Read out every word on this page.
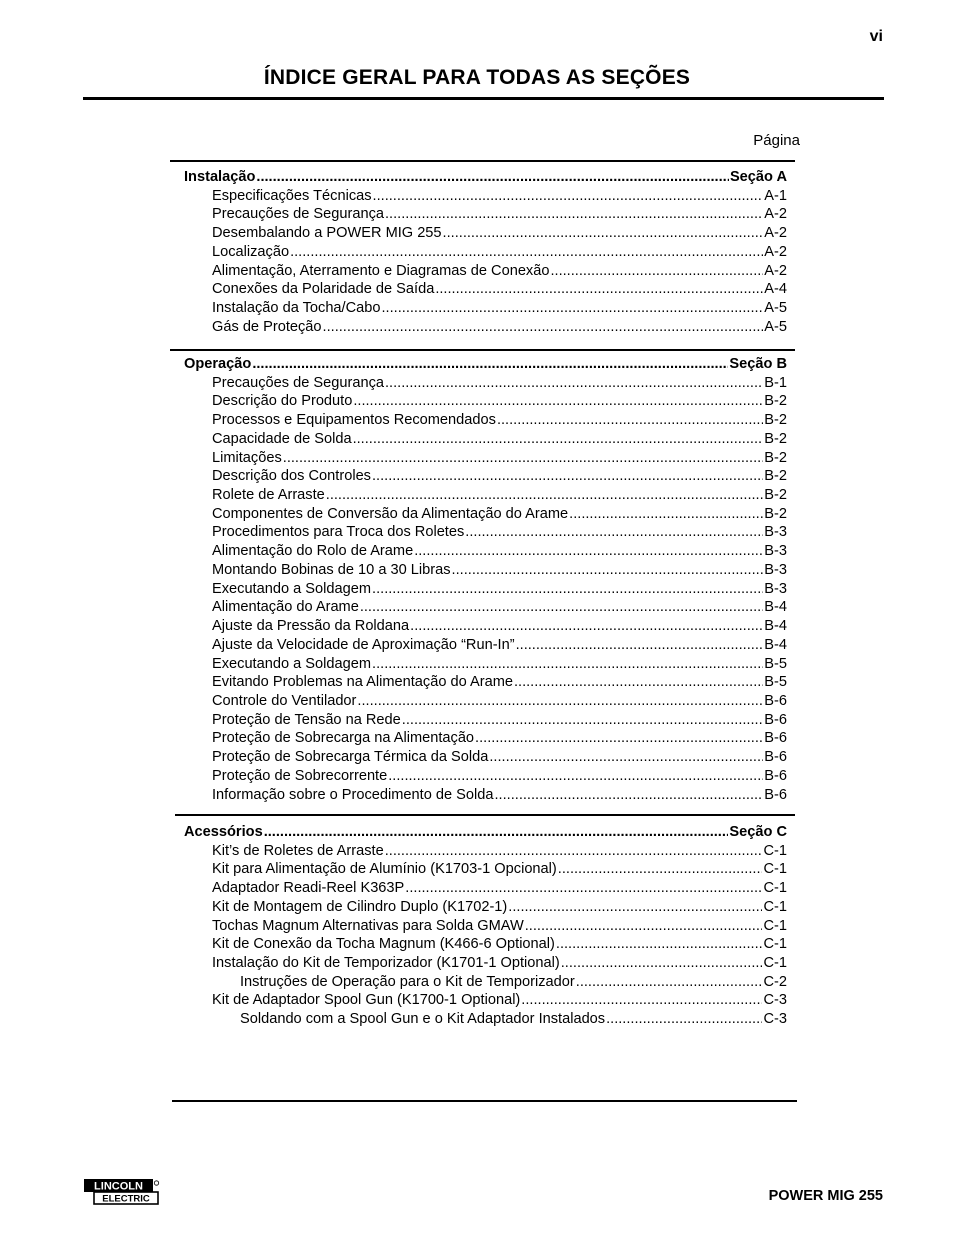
vi
ÍNDICE GERAL PARA TODAS AS SEÇÕES
Página
Instalação .....	Seção A
Especificações Técnicas .....	A-1
Precauções de Segurança .....	A-2
Desembalando a POWER MIG 255 .....	A-2
Localização .....	A-2
Alimentação, Aterramento e Diagramas de Conexão .....	A-2
Conexões da Polaridade de Saída .....	A-4
Instalação da Tocha/Cabo .....	A-5
Gás de Proteção .....	A-5
Operação .....	Seção B
Precauções de Segurança .....	B-1
Descrição do Produto .....	B-2
Processos e Equipamentos Recomendados .....	B-2
Capacidade de Solda .....	B-2
Limitações .....	B-2
Descrição dos Controles .....	B-2
Rolete de Arraste .....	B-2
Componentes de Conversão da Alimentação do Arame .....	B-2
Procedimentos para Troca dos Roletes .....	B-3
Alimentação do Rolo de Arame .....	B-3
Montando Bobinas de 10 a 30 Libras .....	B-3
Executando a Soldagem .....	B-3
Alimentação do Arame .....	B-4
Ajuste da Pressão da Roldana .....	B-4
Ajuste da Velocidade de Aproximação “Run-In” .....	B-4
Executando a Soldagem .....	B-5
Evitando Problemas na Alimentação do Arame .....	B-5
Controle do Ventilador .....	B-6
Proteção de Tensão na Rede .....	B-6
Proteção de Sobrecarga na Alimentação .....	B-6
Proteção de Sobrecarga Térmica da Solda .....	B-6
Proteção de Sobrecorrente .....	B-6
Informação sobre o Procedimento de Solda .....	B-6
Acessórios .....	Seção C
Kit’s de Roletes de Arraste .....	C-1
Kit para Alimentação de Alumínio (K1703-1 Opcional) .....	C-1
Adaptador Readi-Reel K363P .....	C-1
Kit de Montagem de Cilindro Duplo (K1702-1) .....	C-1
Tochas Magnum Alternativas para Solda GMAW .....	C-1
Kit de Conexão da Tocha Magnum (K466-6 Optional) .....	C-1
Instalação do Kit de Temporizador (K1701-1 Optional) .....	C-1
Instruções de Operação para o Kit de Temporizador .....	C-2
Kit de Adaptador Spool Gun (K1700-1 Optional) .....	C-3
Soldando com a Spool Gun e o Kit Adaptador Instalados .....	C-3
LINCOLN
ELECTRIC	POWER MIG 255
